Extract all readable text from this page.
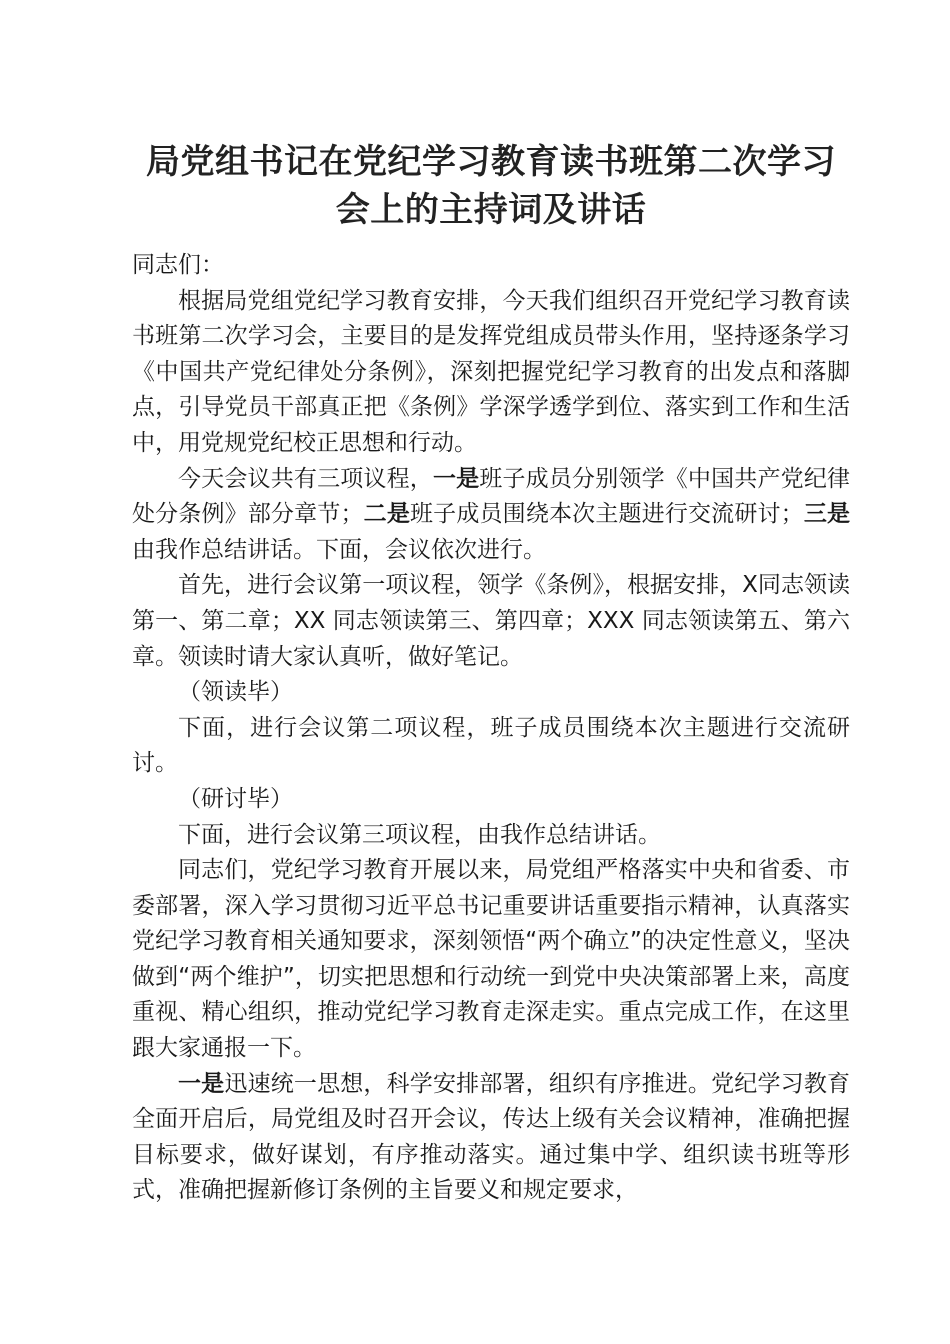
局党组书记在党纪学习教育读书班第二次学习
会上的主持词及讲话

同志们：

根据局党组党纪学习教育安排，今天我们组织召开党纪学习教育读书班第二次学习会，主要目的是发挥党组成员带头作用，坚持逐条学习《中国共产党纪律处分条例》，深刻把握党纪学习教育的出发点和落脚点，引导党员干部真正把《条例》学深学透学到位、落实到工作和生活中，用党规党纪校正思想和行动。

今天会议共有三项议程，一是班子成员分别领学《中国共产党纪律处分条例》部分章节；二是班子成员围绕本次主题进行交流研讨；三是由我作总结讲话。下面，会议依次进行。

首先，进行会议第一项议程，领学《条例》，根据安排，X同志领读第一、第二章；XX 同志领读第三、第四章；XXX 同志领读第五、第六章。领读时请大家认真听，做好笔记。

（领读毕）

下面，进行会议第二项议程，班子成员围绕本次主题进行交流研讨。

（研讨毕）

下面，进行会议第三项议程，由我作总结讲话。

同志们，党纪学习教育开展以来，局党组严格落实中央和省委、市委部署，深入学习贯彻习近平总书记重要讲话重要指示精神，认真落实党纪学习教育相关通知要求，深刻领悟“两个确立”的决定性意义，坚决做到“两个维护”，切实把思想和行动统一到党中央决策部署上来，高度重视、精心组织，推动党纪学习教育走深走实。重点完成工作，在这里跟大家通报一下。

一是迅速统一思想，科学安排部署，组织有序推进。党纪学习教育全面开启后，局党组及时召开会议，传达上级有关会议精神，准确把握目标要求，做好谋划，有序推动落实。通过集中学、组织读书班等形式，准确把握新修订条例的主旨要义和规定要求，
